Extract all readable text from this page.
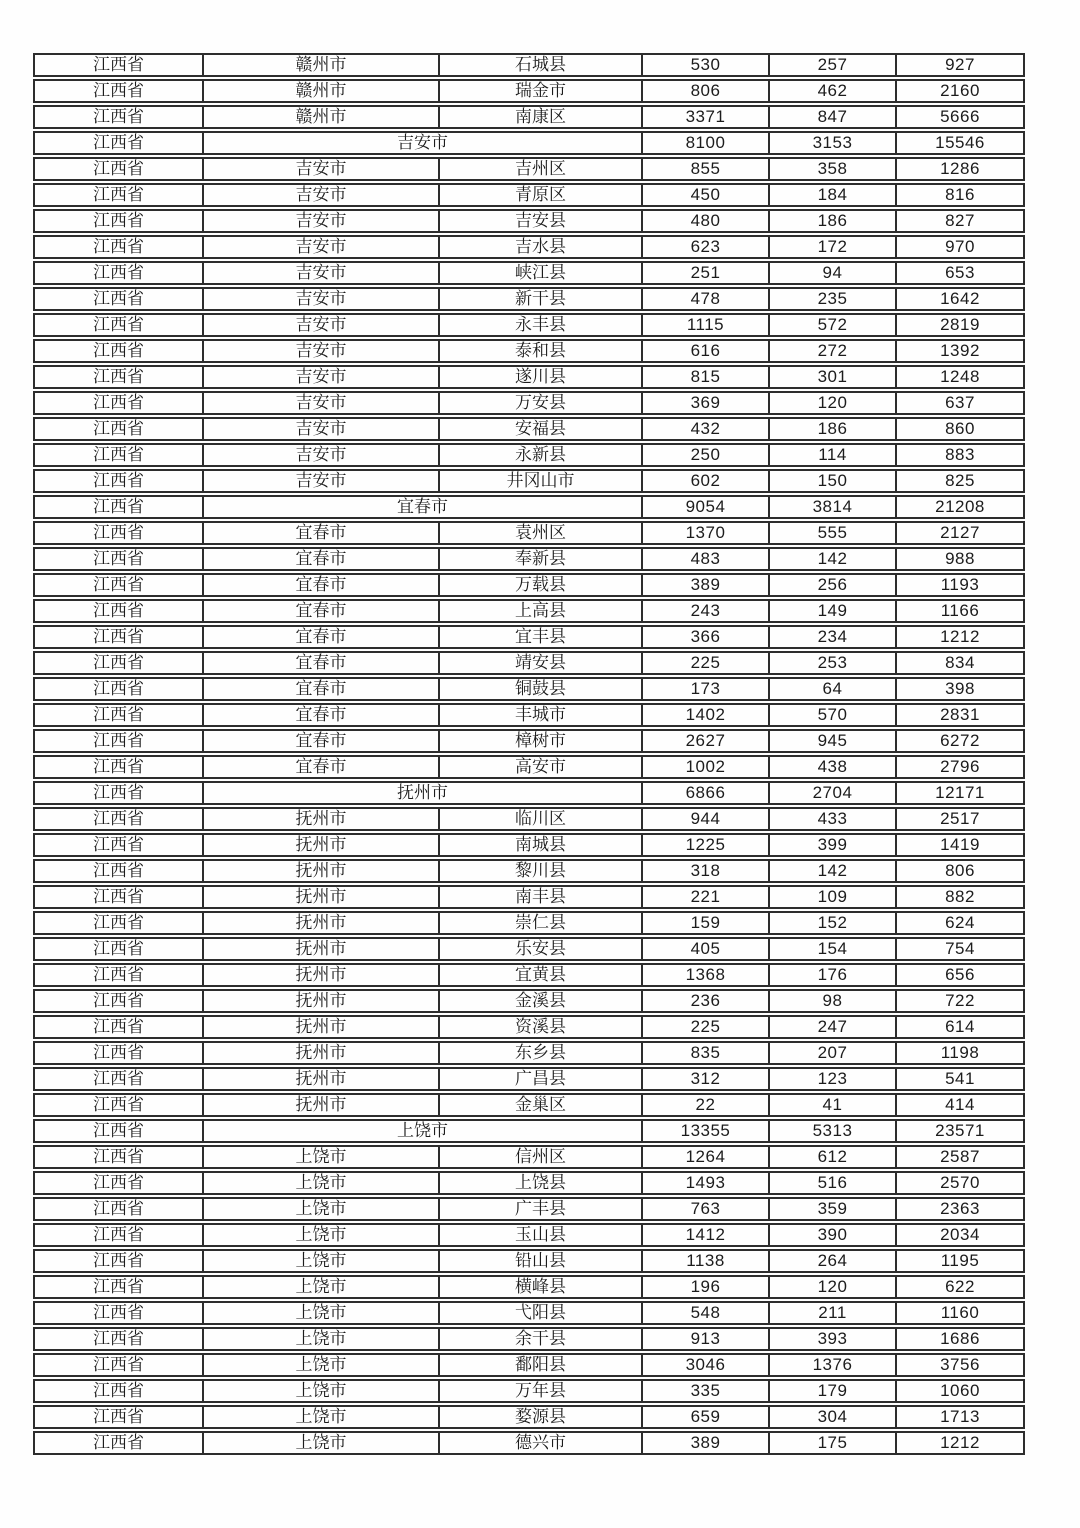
江西省	赣州市	石城县	530	257	927
江西省	赣州市	瑞金市	806	462	2160
江西省	赣州市	南康区	3371	847	5666
江西省	吉安市	8100	3153	15546
江西省	吉安市	吉州区	855	358	1286
江西省	吉安市	青原区	450	184	816
江西省	吉安市	吉安县	480	186	827
江西省	吉安市	吉水县	623	172	970
江西省	吉安市	峡江县	251	94	653
江西省	吉安市	新干县	478	235	1642
江西省	吉安市	永丰县	1115	572	2819
江西省	吉安市	泰和县	616	272	1392
江西省	吉安市	遂川县	815	301	1248
江西省	吉安市	万安县	369	120	637
江西省	吉安市	安福县	432	186	860
江西省	吉安市	永新县	250	114	883
江西省	吉安市	井冈山市	602	150	825
江西省	宜春市	9054	3814	21208
江西省	宜春市	袁州区	1370	555	2127
江西省	宜春市	奉新县	483	142	988
江西省	宜春市	万载县	389	256	1193
江西省	宜春市	上高县	243	149	1166
江西省	宜春市	宜丰县	366	234	1212
江西省	宜春市	靖安县	225	253	834
江西省	宜春市	铜鼓县	173	64	398
江西省	宜春市	丰城市	1402	570	2831
江西省	宜春市	樟树市	2627	945	6272
江西省	宜春市	高安市	1002	438	2796
江西省	抚州市	6866	2704	12171
江西省	抚州市	临川区	944	433	2517
江西省	抚州市	南城县	1225	399	1419
江西省	抚州市	黎川县	318	142	806
江西省	抚州市	南丰县	221	109	882
江西省	抚州市	崇仁县	159	152	624
江西省	抚州市	乐安县	405	154	754
江西省	抚州市	宜黄县	1368	176	656
江西省	抚州市	金溪县	236	98	722
江西省	抚州市	资溪县	225	247	614
江西省	抚州市	东乡县	835	207	1198
江西省	抚州市	广昌县	312	123	541
江西省	抚州市	金巢区	22	41	414
江西省	上饶市	13355	5313	23571
江西省	上饶市	信州区	1264	612	2587
江西省	上饶市	上饶县	1493	516	2570
江西省	上饶市	广丰县	763	359	2363
江西省	上饶市	玉山县	1412	390	2034
江西省	上饶市	铅山县	1138	264	1195
江西省	上饶市	横峰县	196	120	622
江西省	上饶市	弋阳县	548	211	1160
江西省	上饶市	余干县	913	393	1686
江西省	上饶市	鄱阳县	3046	1376	3756
江西省	上饶市	万年县	335	179	1060
江西省	上饶市	婺源县	659	304	1713
江西省	上饶市	德兴市	389	175	1212
